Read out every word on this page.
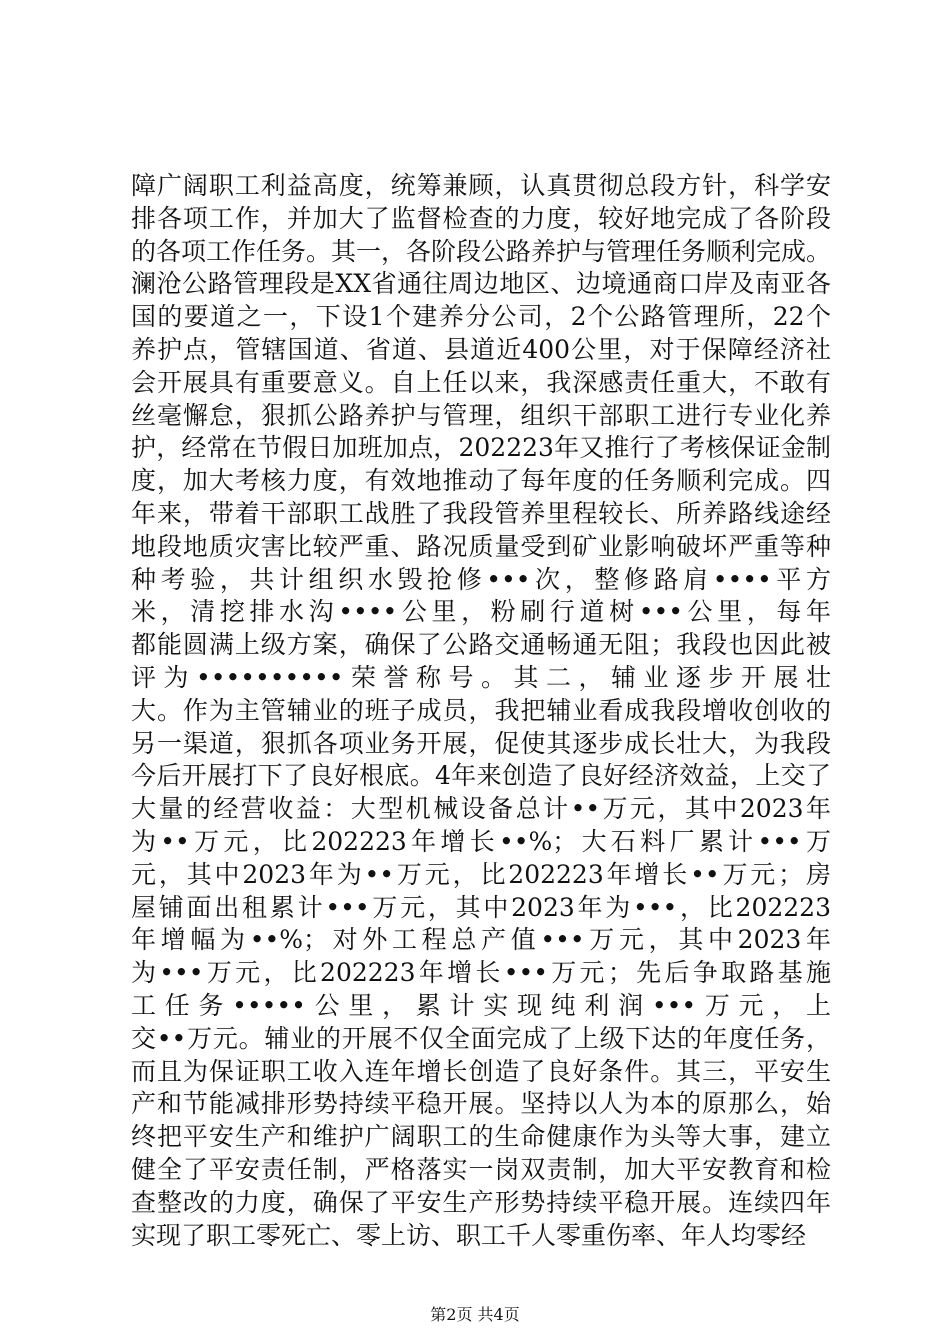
障广阔职工利益高度，统筹兼顾，认真贯彻总段方针，科学安
排各项工作，并加大了监督检查的力度，较好地完成了各阶段
的各项工作任务。其一，各阶段公路养护与管理任务顺利完成。
澜沧公路管理段是XX省通往周边地区、边境通商口岸及南亚各
国的要道之一，下设1个建养分公司，2个公路管理所，22个
养护点，管辖国道、省道、县道近400公里，对于保障经济社
会开展具有重要意义。自上任以来，我深感责任重大，不敢有
丝毫懈怠，狠抓公路养护与管理，组织干部职工进行专业化养
护，经常在节假日加班加点，202223年又推行了考核保证金制
度，加大考核力度，有效地推动了每年度的任务顺利完成。四
年来，带着干部职工战胜了我段管养里程较长、所养路线途经
地段地质灾害比较严重、路况质量受到矿业影响破坏严重等种
种考验，共计组织水毁抢修•••次，整修路肩••••平方
米，清挖排水沟••••公里，粉刷行道树•••公里，每年
都能圆满上级方案，确保了公路交通畅通无阻；我段也因此被
评为••••••••••荣誉称号。其二，辅业逐步开展壮
大。作为主管辅业的班子成员，我把辅业看成我段增收创收的
另一渠道，狠抓各项业务开展，促使其逐步成长壮大，为我段
今后开展打下了良好根底。4年来创造了良好经济效益，上交了
大量的经营收益：大型机械设备总计••万元，其中2023年
为••万元，比202223年增长••%；大石料厂累计•••万
元，其中2023年为••万元，比202223年增长••万元；房
屋铺面出租累计•••万元，其中2023年为•••，比202223
年增幅为••%；对外工程总产值•••万元，其中2023年
为•••万元，比202223年增长•••万元；先后争取路基施
工任务•••••公里，累计实现纯利润•••万元，上
交••万元。辅业的开展不仅全面完成了上级下达的年度任务，
而且为保证职工收入连年增长创造了良好条件。其三，平安生
产和节能减排形势持续平稳开展。坚持以人为本的原那么，始
终把平安生产和维护广阔职工的生命健康作为头等大事，建立
健全了平安责任制，严格落实一岗双责制，加大平安教育和检
查整改的力度，确保了平安生产形势持续平稳开展。连续四年
实现了职工零死亡、零上访、职工千人零重伤率、年人均零经
第2页 共4页
